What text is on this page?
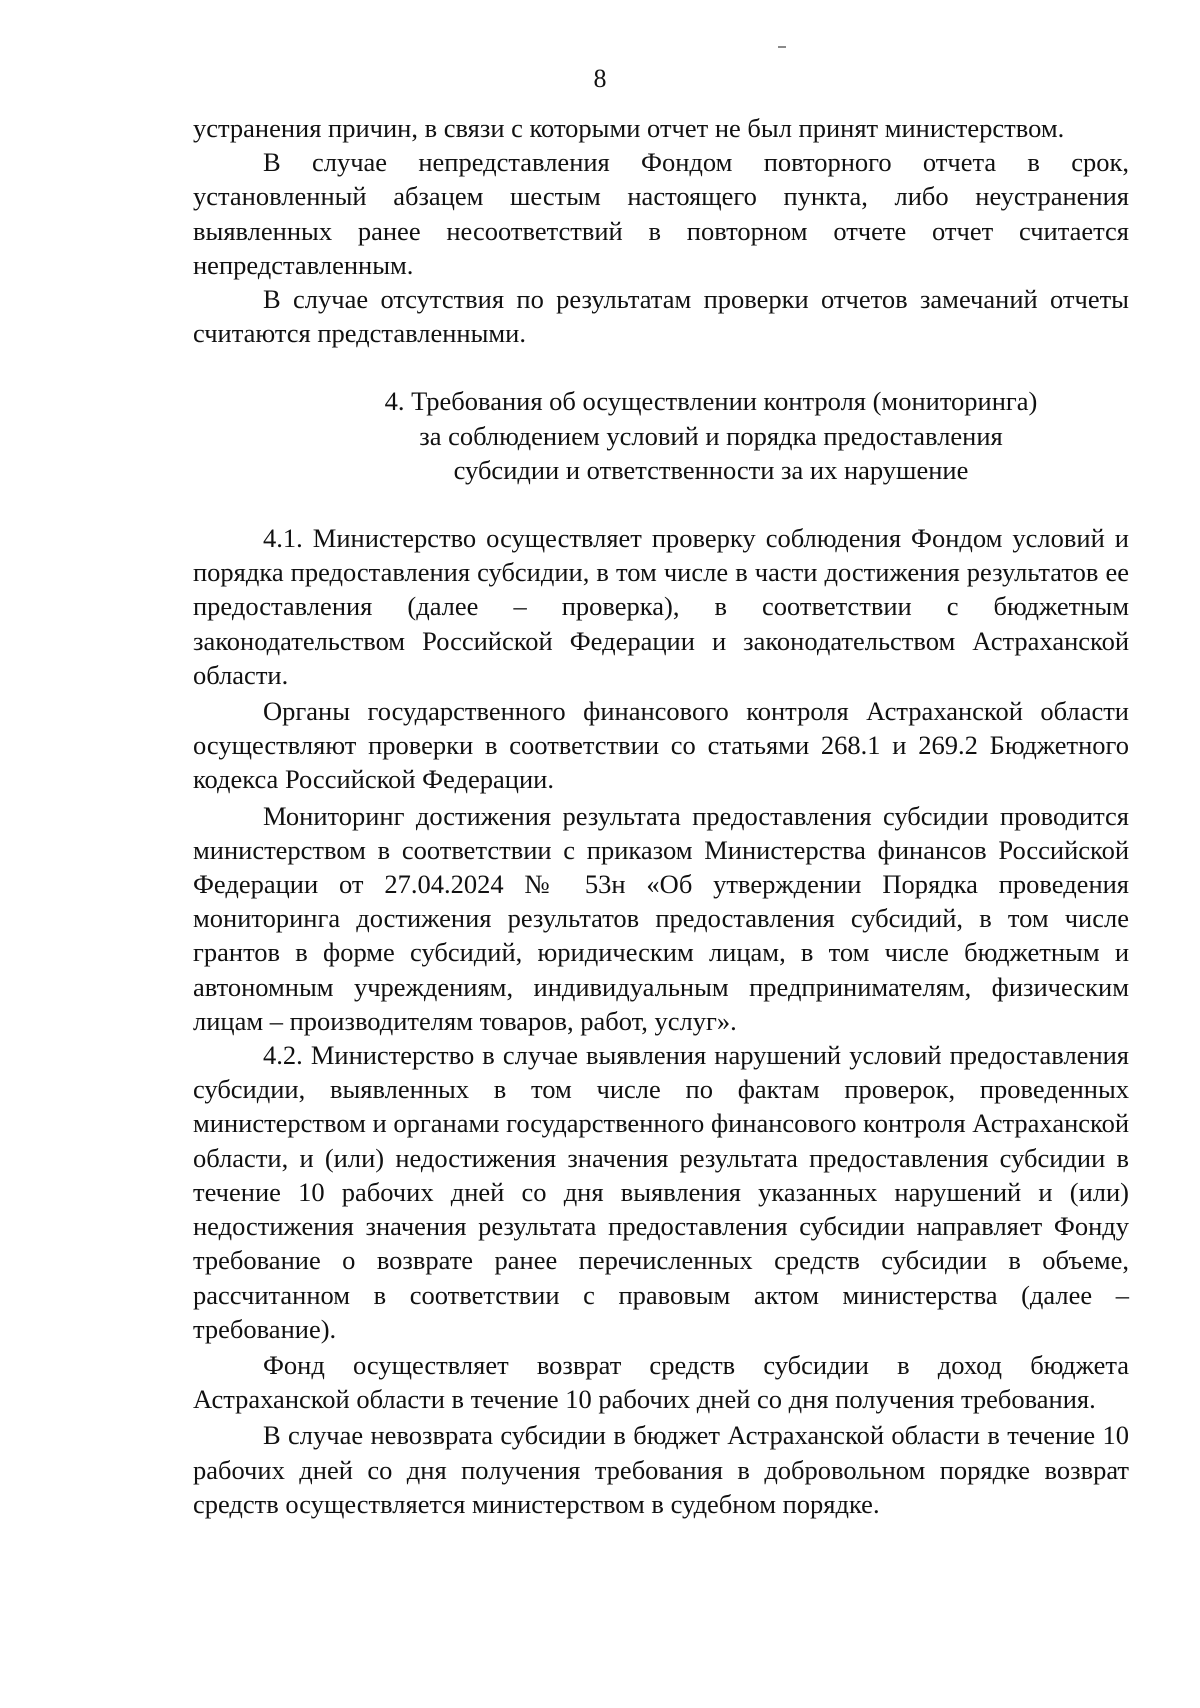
8

устранения причин, в связи с которыми отчет не был принят министерством.

В случае непредставления Фондом повторного отчета в срок, установленный абзацем шестым настоящего пункта, либо неустранения выявленных ранее несоответствий в повторном отчете отчет считается непредставленным.

В случае отсутствия по результатам проверки отчетов замечаний отчеты считаются представленными.

4. Требования об осуществлении контроля (мониторинга)
за соблюдением условий и порядка предоставления
субсидии и ответственности за их нарушение

4.1. Министерство осуществляет проверку соблюдения Фондом условий и порядка предоставления субсидии, в том числе в части достижения результатов ее предоставления (далее – проверка), в соответствии с бюджетным законодательством Российской Федерации и законодательством Астраханской области.

Органы государственного финансового контроля Астраханской области осуществляют проверки в соответствии со статьями 268.1 и 269.2 Бюджетного кодекса Российской Федерации.

Мониторинг достижения результата предоставления субсидии проводится министерством в соответствии с приказом Министерства финансов Российской Федерации от 27.04.2024 № 53н «Об утверждении Порядка проведения мониторинга достижения результатов предоставления субсидий, в том числе грантов в форме субсидий, юридическим лицам, в том числе бюджетным и автономным учреждениям, индивидуальным предпринимателям, физическим лицам – производителям товаров, работ, услуг».

4.2. Министерство в случае выявления нарушений условий предоставления субсидии, выявленных в том числе по фактам проверок, проведенных министерством и органами государственного финансового контроля Астраханской области, и (или) недостижения значения результата предоставления субсидии в течение 10 рабочих дней со дня выявления указанных нарушений и (или) недостижения значения результата предоставления субсидии направляет Фонду требование о возврате ранее перечисленных средств субсидии в объеме, рассчитанном в соответствии с правовым актом министерства (далее – требование).

Фонд осуществляет возврат средств субсидии в доход бюджета Астраханской области в течение 10 рабочих дней со дня получения требования.

В случае невозврата субсидии в бюджет Астраханской области в течение 10 рабочих дней со дня получения требования в добровольном порядке возврат средств осуществляется министерством в судебном порядке.
